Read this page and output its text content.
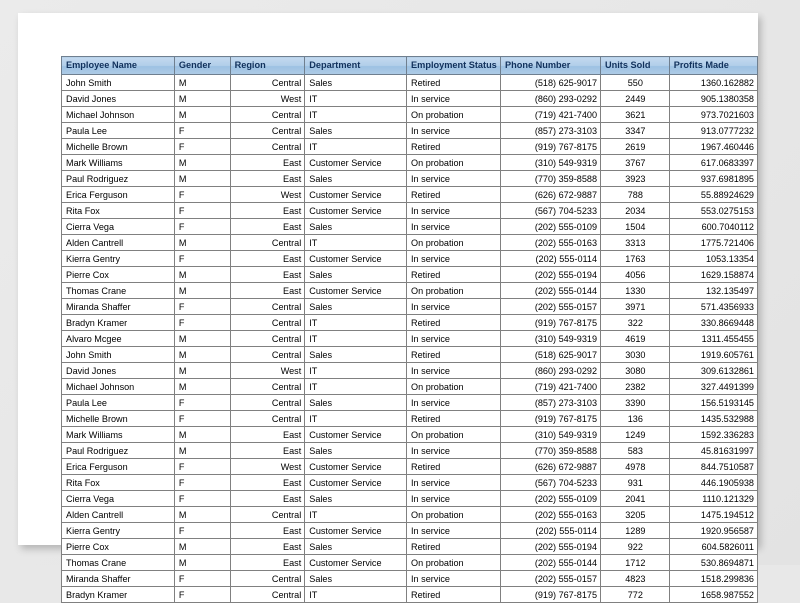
Employee Name	Gender	Region	Department	Employment Status	Phone Number	Units Sold	Profits Made
John Smith	M	Central	Sales	Retired	(518) 625-9017	550	1360.162882
David Jones	M	West	IT	In service	(860) 293-0292	2449	905.1380358
Michael Johnson	M	Central	IT	On probation	(719) 421-7400	3621	973.7021603
Paula Lee	F	Central	Sales	In service	(857) 273-3103	3347	913.0777232
Michelle Brown	F	Central	IT	Retired	(919) 767-8175	2619	1967.460446
Mark Williams	M	East	Customer Service	On probation	(310) 549-9319	3767	617.0683397
Paul Rodriguez	M	East	Sales	In service	(770) 359-8588	3923	937.6981895
Erica Ferguson	F	West	Customer Service	Retired	(626) 672-9887	788	55.88924629
Rita Fox	F	East	Customer Service	In service	(567) 704-5233	2034	553.0275153
Cierra Vega	F	East	Sales	In service	(202) 555-0109	1504	600.7040112
Alden Cantrell	M	Central	IT	On probation	(202) 555-0163	3313	1775.721406
Kierra Gentry	F	East	Customer Service	In service	(202) 555-0114	1763	1053.13354
Pierre Cox	M	East	Sales	Retired	(202) 555-0194	4056	1629.158874
Thomas Crane	M	East	Customer Service	On probation	(202) 555-0144	1330	132.135497
Miranda Shaffer	F	Central	Sales	In service	(202) 555-0157	3971	571.4356933
Bradyn Kramer	F	Central	IT	Retired	(919) 767-8175	322	330.8669448
Alvaro Mcgee	M	Central	IT	In service	(310) 549-9319	4619	1311.455455
John Smith	M	Central	Sales	Retired	(518) 625-9017	3030	1919.605761
David Jones	M	West	IT	In service	(860) 293-0292	3080	309.6132861
Michael Johnson	M	Central	IT	On probation	(719) 421-7400	2382	327.4491399
Paula Lee	F	Central	Sales	In service	(857) 273-3103	3390	156.5193145
Michelle Brown	F	Central	IT	Retired	(919) 767-8175	136	1435.532988
Mark Williams	M	East	Customer Service	On probation	(310) 549-9319	1249	1592.336283
Paul Rodriguez	M	East	Sales	In service	(770) 359-8588	583	45.81631997
Erica Ferguson	F	West	Customer Service	Retired	(626) 672-9887	4978	844.7510587
Rita Fox	F	East	Customer Service	In service	(567) 704-5233	931	446.1905938
Cierra Vega	F	East	Sales	In service	(202) 555-0109	2041	1110.121329
Alden Cantrell	M	Central	IT	On probation	(202) 555-0163	3205	1475.194512
Kierra Gentry	F	East	Customer Service	In service	(202) 555-0114	1289	1920.956587
Pierre Cox	M	East	Sales	Retired	(202) 555-0194	922	604.5826011
Thomas Crane	M	East	Customer Service	On probation	(202) 555-0144	1712	530.8694871
Miranda Shaffer	F	Central	Sales	In service	(202) 555-0157	4823	1518.299836
Bradyn Kramer	F	Central	IT	Retired	(919) 767-8175	772	1658.987552
